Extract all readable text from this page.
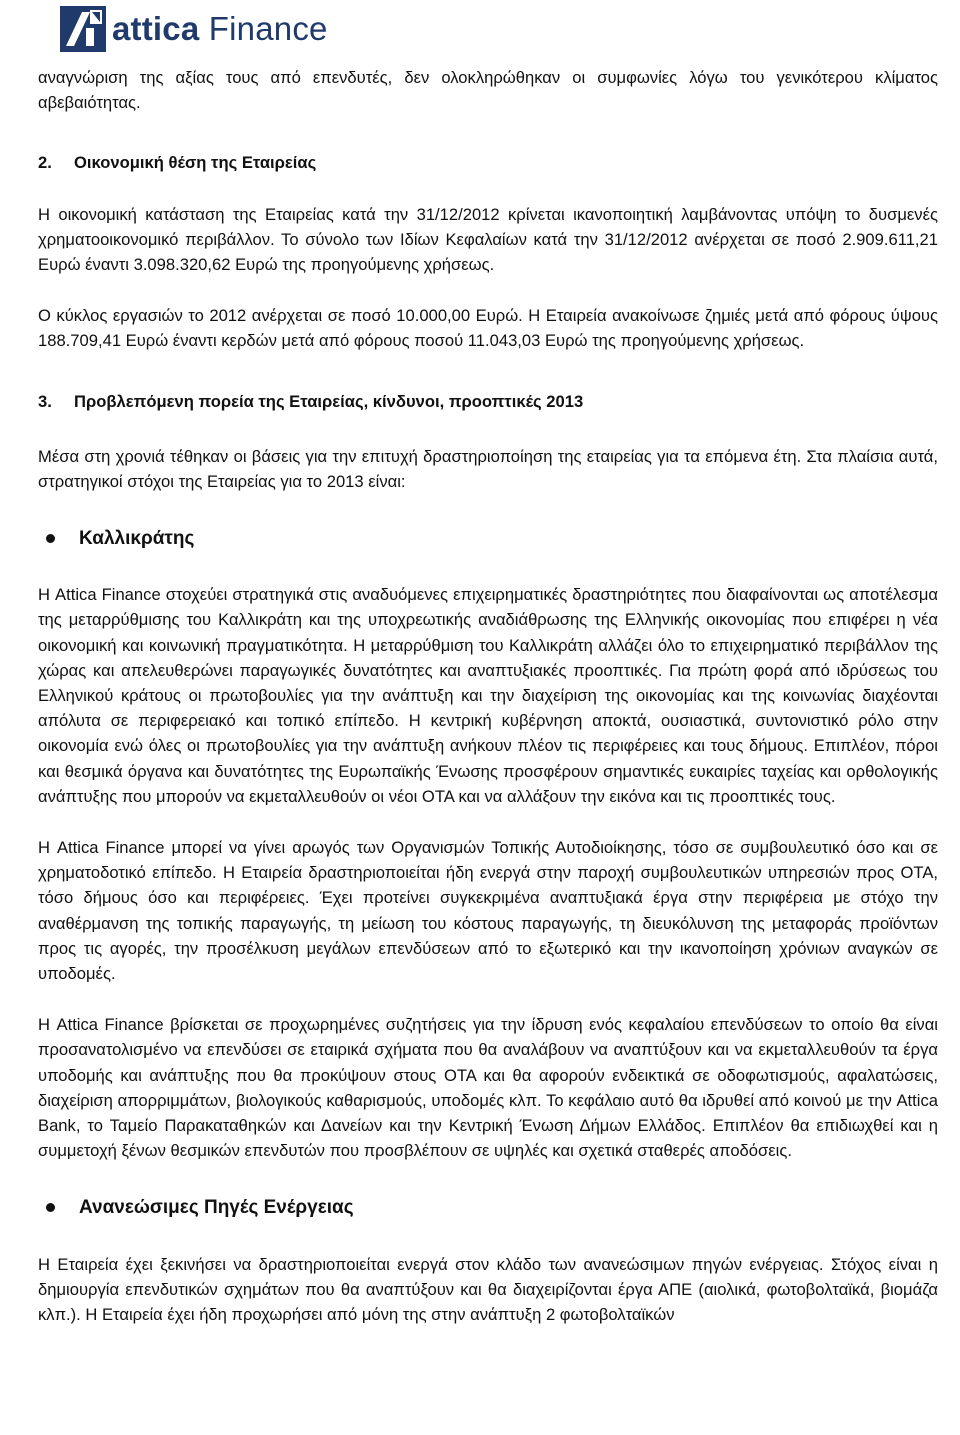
attica Finance

αναγνώριση της αξίας τους από επενδυτές, δεν ολοκληρώθηκαν οι συμφωνίες λόγω του γενικότερου κλίματος αβεβαιότητας.

2.	Οικονομική θέση της Εταιρείας

Η οικονομική κατάσταση της Εταιρείας κατά την 31/12/2012 κρίνεται ικανοποιητική λαμβάνοντας υπόψη το δυσμενές χρηματοοικονομικό περιβάλλον. Το σύνολο των Ιδίων Κεφαλαίων κατά την 31/12/2012 ανέρχεται σε ποσό 2.909.611,21 Ευρώ έναντι 3.098.320,62 Ευρώ της προηγούμενης χρήσεως.

Ο κύκλος εργασιών το 2012 ανέρχεται σε ποσό 10.000,00 Ευρώ. Η Εταιρεία ανακοίνωσε ζημιές μετά από φόρους ύψους 188.709,41 Ευρώ έναντι κερδών μετά από φόρους ποσού 11.043,03 Ευρώ της προηγούμενης χρήσεως.

3.	Προβλεπόμενη πορεία της Εταιρείας, κίνδυνοι, προοπτικές 2013

Μέσα στη χρονιά τέθηκαν οι βάσεις για την επιτυχή δραστηριοποίηση της εταιρείας για τα επόμενα έτη. Στα πλαίσια αυτά, στρατηγικοί στόχοι της Εταιρείας για το 2013 είναι:

Καλλικράτης

Η Attica Finance στοχεύει στρατηγικά στις αναδυόμενες επιχειρηματικές δραστηριότητες που διαφαίνονται ως αποτέλεσμα της μεταρρύθμισης του Καλλικράτη και της υποχρεωτικής αναδιάθρωσης της Ελληνικής οικονομίας που επιφέρει η νέα οικονομική και κοινωνική πραγματικότητα. Η μεταρρύθμιση του Καλλικράτη αλλάζει όλο το επιχειρηματικό περιβάλλον της χώρας και απελευθερώνει παραγωγικές δυνατότητες και αναπτυξιακές προοπτικές. Για πρώτη φορά από ιδρύσεως του Ελληνικού κράτους οι πρωτοβουλίες για την ανάπτυξη και την διαχείριση της οικονομίας και της κοινωνίας διαχέονται απόλυτα σε περιφερειακό και τοπικό επίπεδο. Η κεντρική κυβέρνηση αποκτά, ουσιαστικά, συντονιστικό ρόλο στην οικονομία ενώ όλες οι πρωτοβουλίες για την ανάπτυξη ανήκουν πλέον τις περιφέρειες και τους δήμους. Επιπλέον, πόροι και θεσμικά όργανα και δυνατότητες της Ευρωπαϊκής Ένωσης προσφέρουν σημαντικές ευκαιρίες ταχείας και ορθολογικής ανάπτυξης που μπορούν να εκμεταλλευθούν οι νέοι ΟΤΑ και να αλλάξουν την εικόνα και τις προοπτικές τους.

Η Attica Finance μπορεί να γίνει αρωγός των Οργανισμών Τοπικής Αυτοδιοίκησης, τόσο σε συμβουλευτικό όσο και σε χρηματοδοτικό επίπεδο. Η Εταιρεία δραστηριοποιείται ήδη ενεργά στην παροχή συμβουλευτικών υπηρεσιών προς ΟΤΑ, τόσο δήμους όσο και περιφέρειες. Έχει προτείνει συγκεκριμένα αναπτυξιακά έργα στην περιφέρεια με στόχο την αναθέρμανση της τοπικής παραγωγής, τη μείωση του κόστους παραγωγής, τη διευκόλυνση της μεταφοράς προϊόντων προς τις αγορές, την προσέλκυση μεγάλων επενδύσεων από το εξωτερικό και την ικανοποίηση χρόνιων αναγκών σε υποδομές.

Η Attica Finance βρίσκεται σε προχωρημένες συζητήσεις για την ίδρυση ενός κεφαλαίου επενδύσεων το οποίο θα είναι προσανατολισμένο να επενδύσει σε εταιρικά σχήματα που θα αναλάβουν να αναπτύξουν και να εκμεταλλευθούν τα έργα υποδομής και ανάπτυξης που θα προκύψουν στους ΟΤΑ και θα αφορούν ενδεικτικά σε οδοφωτισμούς, αφαλατώσεις, διαχείριση απορριμμάτων, βιολογικούς καθαρισμούς, υποδομές κλπ. Το κεφάλαιο αυτό θα ιδρυθεί από κοινού με την Attica Bank, το Ταμείο Παρακαταθηκών και Δανείων και την Κεντρική Ένωση Δήμων Ελλάδος. Επιπλέον θα επιδιωχθεί και η συμμετοχή ξένων θεσμικών επενδυτών που προσβλέπουν σε υψηλές και σχετικά σταθερές αποδόσεις.

Ανανεώσιμες Πηγές Ενέργειας

Η Εταιρεία έχει ξεκινήσει να δραστηριοποιείται ενεργά στον κλάδο των ανανεώσιμων πηγών ενέργειας. Στόχος είναι η δημιουργία επενδυτικών σχημάτων που θα αναπτύξουν και θα διαχειρίζονται έργα ΑΠΕ (αιολικά, φωτοβολταϊκά, βιομάζα κλπ.). Η Εταιρεία έχει ήδη προχωρήσει από μόνη της στην ανάπτυξη 2 φωτοβολταϊκών
